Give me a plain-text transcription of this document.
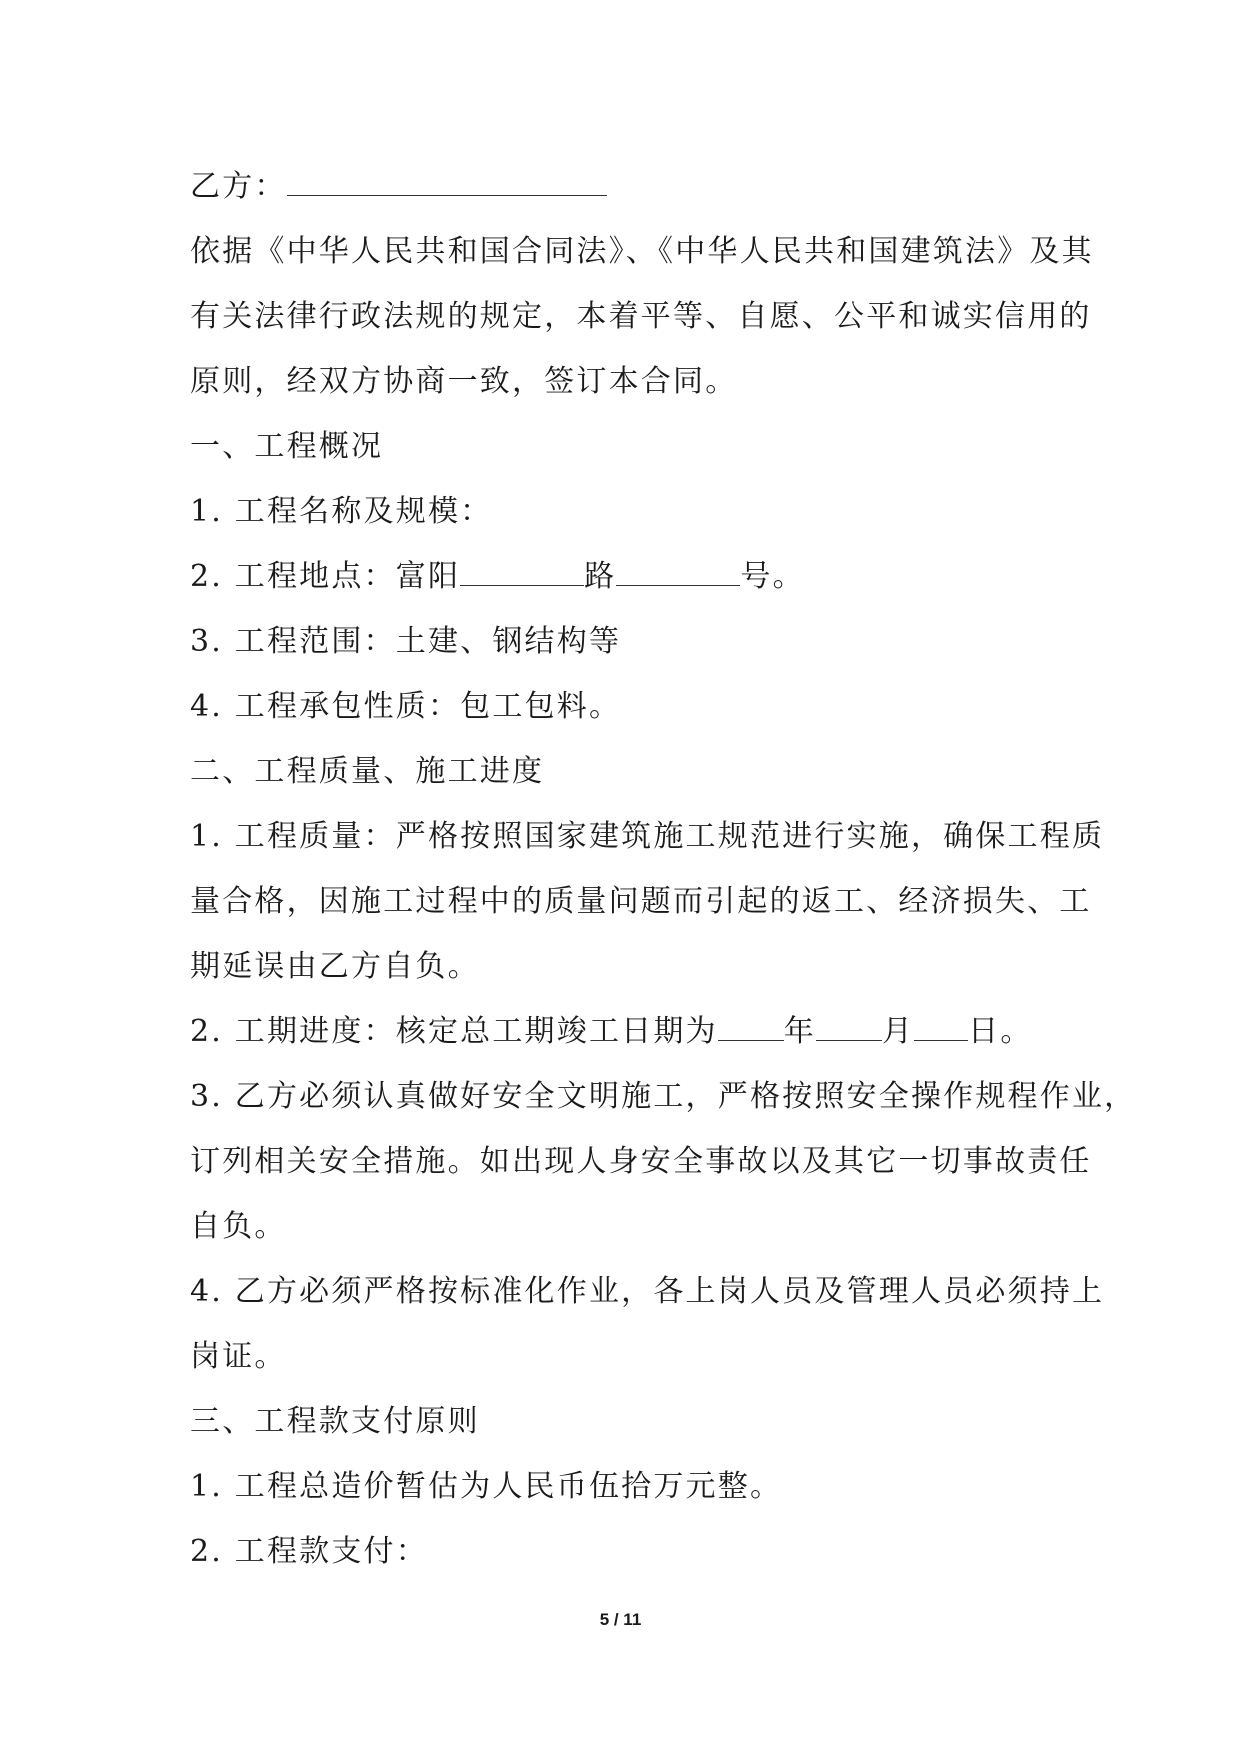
乙方：
依据《中华人民共和国合同法》、《中华人民共和国建筑法》及其
有关法律行政法规的规定，本着平等、自愿、公平和诚实信用的
原则，经双方协商一致，签订本合同。
一、工程概况
1. 工程名称及规模：
2. 工程地点：富阳	路	号。
3. 工程范围：土建、钢结构等
4. 工程承包性质：包工包料。
二、工程质量、施工进度
1. 工程质量：严格按照国家建筑施工规范进行实施，确保工程质
量合格，因施工过程中的质量问题而引起的返工、经济损失、工
期延误由乙方自负。
2. 工期进度：核定总工期竣工日期为 年 月 日。
3. 乙方必须认真做好安全文明施工，严格按照安全操作规程作业，
订列相关安全措施。如出现人身安全事故以及其它一切事故责任
自负。
4. 乙方必须严格按标准化作业，各上岗人员及管理人员必须持上
岗证。
三、工程款支付原则
1. 工程总造价暂估为人民币伍拾万元整。
2. 工程款支付：
5 / 11
